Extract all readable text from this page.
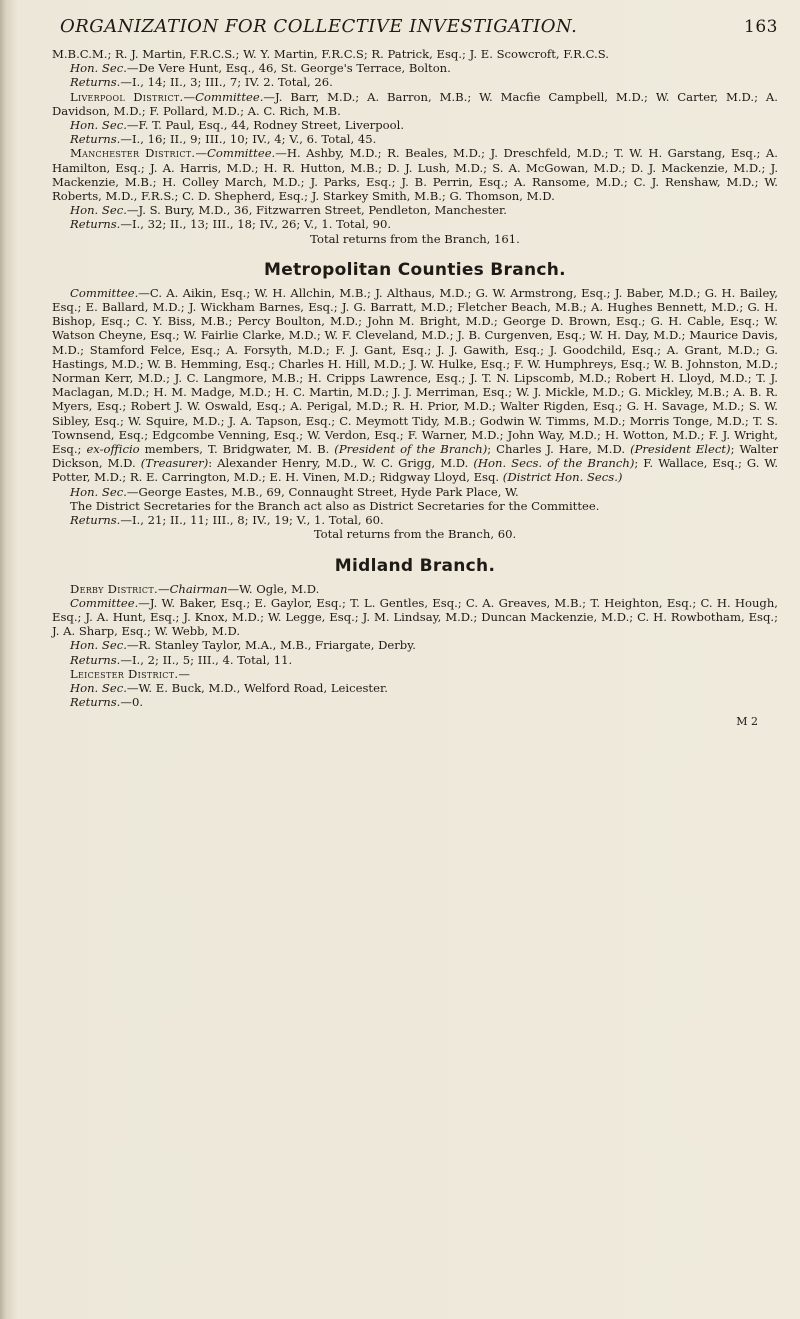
ORGANIZATION FOR COLLECTIVE INVESTIGATION.	163

M.B.C.M.; R. J. Martin, F.R.C.S.; W. Y. Martin, F.R.C.S; R. Patrick, Esq.; J. E. Scowcroft, F.R.C.S.

Hon. Sec.—De Vere Hunt, Esq., 46, St. George's Terrace, Bolton.

Returns.—I., 14; II., 3; III., 7; IV. 2. Total, 26.

Liverpool District.—Committee.—J. Barr, M.D.; A. Barron, M.B.; W. Macfie Campbell, M.D.; W. Carter, M.D.; A. Davidson, M.D.; F. Pollard, M.D.; A. C. Rich, M.B.

Hon. Sec.—F. T. Paul, Esq., 44, Rodney Street, Liverpool.

Returns.—I., 16; II., 9; III., 10; IV., 4; V., 6. Total, 45.

Manchester District.—Committee.—H. Ashby, M.D.; R. Beales, M.D.; J. Dreschfeld, M.D.; T. W. H. Garstang, Esq.; A. Hamilton, Esq.; J. A. Harris, M.D.; H. R. Hutton, M.B.; D. J. Lush, M.D.; S. A. McGowan, M.D.; D. J. Mackenzie, M.D.; J. Mackenzie, M.B.; H. Colley March, M.D.; J. Parks, Esq.; J. B. Perrin, Esq.; A. Ransome, M.D.; C. J. Renshaw, M.D.; W. Roberts, M.D., F.R.S.; C. D. Shepherd, Esq.; J. Starkey Smith, M.B.; G. Thomson, M.D.

Hon. Sec.—J. S. Bury, M.D., 36, Fitzwarren Street, Pendleton, Manchester.

Returns.—I., 32; II., 13; III., 18; IV., 26; V., 1. Total, 90.

Total returns from the Branch, 161.

Metropolitan Counties Branch.

Committee.—C. A. Aikin, Esq.; W. H. Allchin, M.B.; J. Althaus, M.D.; G. W. Armstrong, Esq.; J. Baber, M.D.; G. H. Bailey, Esq.; E. Ballard, M.D.; J. Wickham Barnes, Esq.; J. G. Barratt, M.D.; Fletcher Beach, M.B.; A. Hughes Bennett, M.D.; G. H. Bishop, Esq.; C. Y. Biss, M.B.; Percy Boulton, M.D.; John M. Bright, M.D.; George D. Brown, Esq.; G. H. Cable, Esq.; W. Watson Cheyne, Esq.; W. Fairlie Clarke, M.D.; W. F. Cleveland, M.D.; J. B. Curgenven, Esq.; W. H. Day, M.D.; Maurice Davis, M.D.; Stamford Felce, Esq.; A. Forsyth, M.D.; F. J. Gant, Esq.; J. J. Gawith, Esq.; J. Goodchild, Esq.; A. Grant, M.D.; G. Hastings, M.D.; W. B. Hemming, Esq.; Charles H. Hill, M.D.; J. W. Hulke, Esq.; F. W. Humphreys, Esq.; W. B. Johnston, M.D.; Norman Kerr, M.D.; J. C. Langmore, M.B.; H. Cripps Lawrence, Esq.; J. T. N. Lipscomb, M.D.; Robert H. Lloyd, M.D.; T. J. Maclagan, M.D.; H. M. Madge, M.D.; H. C. Martin, M.D.; J. J. Merriman, Esq.; W. J. Mickle, M.D.; G. Mickley, M.B.; A. B. R. Myers, Esq.; Robert J. W. Oswald, Esq.; A. Perigal, M.D.; R. H. Prior, M.D.; Walter Rigden, Esq.; G. H. Savage, M.D.; S. W. Sibley, Esq.; W. Squire, M.D.; J. A. Tapson, Esq.; C. Meymott Tidy, M.B.; Godwin W. Timms, M.D.; Morris Tonge, M.D.; T. S. Townsend, Esq.; Edgcombe Venning, Esq.; W. Verdon, Esq.; F. Warner, M.D.; John Way, M.D.; H. Wotton, M.D.; F. J. Wright, Esq.; ex-officio members, T. Bridgwater, M. B. (President of the Branch); Charles J. Hare, M.D. (President Elect); Walter Dickson, M.D. (Treasurer): Alexander Henry, M.D., W. C. Grigg, M.D. (Hon. Secs. of the Branch); F. Wallace, Esq.; G. W. Potter, M.D.; R. E. Carrington, M.D.; E. H. Vinen, M.D.; Ridgway Lloyd, Esq. (District Hon. Secs.)

Hon. Sec.—George Eastes, M.B., 69, Connaught Street, Hyde Park Place, W.

The District Secretaries for the Branch act also as District Secretaries for the Committee.

Returns.—I., 21; II., 11; III., 8; IV., 19; V., 1. Total, 60.

Total returns from the Branch, 60.

Midland Branch.

Derby District.—Chairman—W. Ogle, M.D.

Committee.—J. W. Baker, Esq.; E. Gaylor, Esq.; T. L. Gentles, Esq.; C. A. Greaves, M.B.; T. Heighton, Esq.; C. H. Hough, Esq.; J. A. Hunt, Esq.; J. Knox, M.D.; W. Legge, Esq.; J. M. Lindsay, M.D.; Duncan Mackenzie, M.D.; C. H. Rowbotham, Esq.; J. A. Sharp, Esq.; W. Webb, M.D.

Hon. Sec.—R. Stanley Taylor, M.A., M.B., Friargate, Derby.

Returns.—I., 2; II., 5; III., 4. Total, 11.

Leicester District.—

Hon. Sec.—W. E. Buck, M.D., Welford Road, Leicester.

Returns.—0.

M 2
